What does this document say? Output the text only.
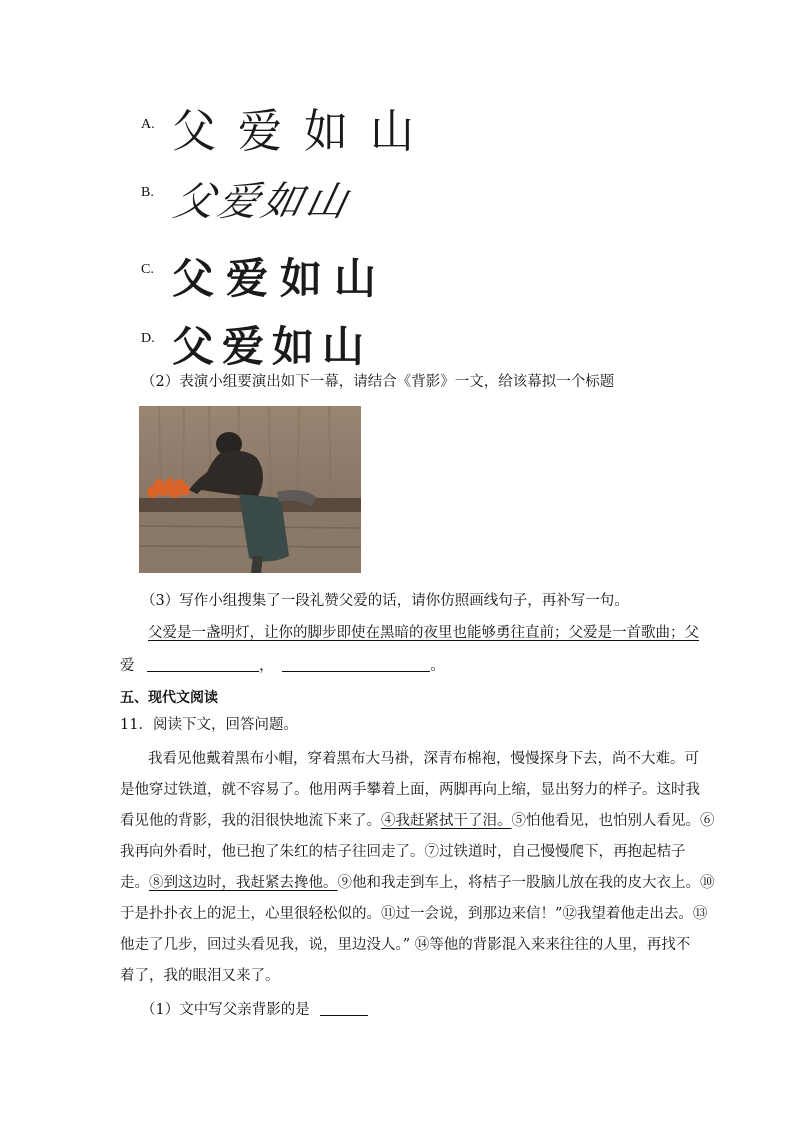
A. 父爱如山
B. 父爱如山
C. 父爱如山
D. 父爱如山
（2）表演小组要演出如下一幕，请结合《背影》一文，给该幕拟一个标题
（3）写作小组搜集了一段礼赞父爱的话，请你仿照画线句子，再补写一句。
父爱是一盏明灯，让你的脚步即使在黑暗的夜里也能够勇往直前；父爱是一首歌曲；父
爱	，	。
五、现代文阅读
11．阅读下文，回答问题。
我看见他戴着黑布小帽，穿着黑布大马褂，深青布棉袍，慢慢探身下去，尚不大难。可
是他穿过铁道，就不容易了。他用两手攀着上面，两脚再向上缩，显出努力的样子。这时我
看见他的背影，我的泪很快地流下来了。④我赶紧拭干了泪。⑤怕他看见，也怕别人看见。⑥
我再向外看时，他已抱了朱红的桔子往回走了。⑦过铁道时，自己慢慢爬下，再抱起桔子
走。⑧到这边时，我赶紧去搀他。⑨他和我走到车上，将桔子一股脑儿放在我的皮大衣上。⑩
于是扑扑衣上的泥土，心里很轻松似的。⑪过一会说，到那边来信！”⑫我望着他走出去。⑬
他走了几步，回过头看见我，说，里边没人。” ⑭等他的背影混入来来往往的人里，再找不
着了，我的眼泪又来了。
（1）文中写父亲背影的是
